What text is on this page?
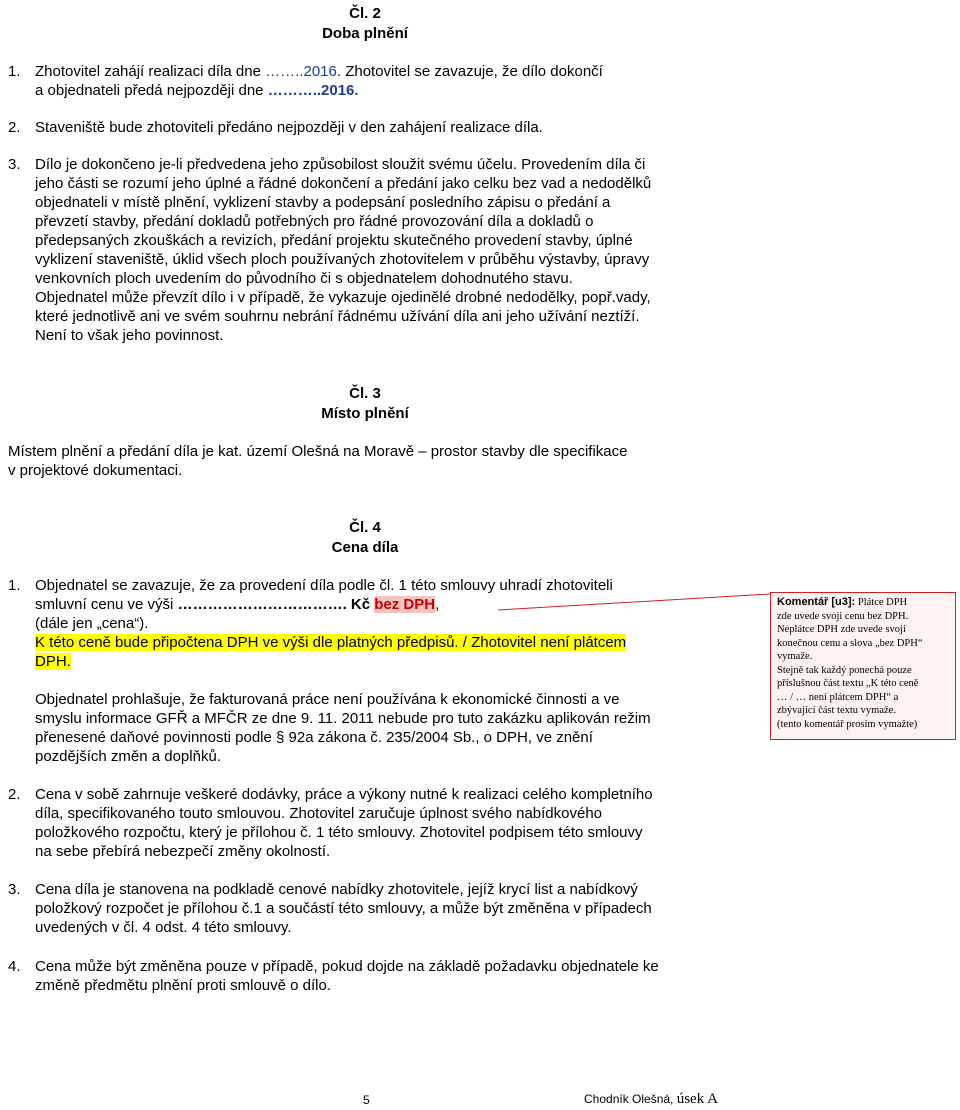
Čl. 2
Doba plnění
1. Zhotovitel zahájí realizaci díla dne ……..2016. Zhotovitel se zavazuje, že dílo dokončí
a objednateli předá nejpozději dne ………..2016.
2. Staveniště bude zhotoviteli předáno nejpozději v den zahájení realizace díla.
3. Dílo je dokončeno je-li předvedena jeho způsobilost sloužit svému účelu. Provedením díla či
jeho části se rozumí jeho úplné a řádné dokončení a předání jako celku bez vad a nedodělků
objednateli v místě plnění, vyklizení stavby a podepsání posledního zápisu o předání a
převzetí stavby, předání dokladů potřebných pro řádné provozování díla a dokladů o
předepsaných zkouškách a revizích, předání projektu skutečného provedení stavby, úplné
vyklizení staveniště, úklid všech ploch používaných zhotovitelem v průběhu výstavby, úpravy
venkovních ploch uvedením do původního či s objednatelem dohodnutého stavu.
Objednatel může převzít dílo i v případě, že vykazuje ojedinělé drobné nedodělky, popř.vady,
které jednotlivě ani ve svém souhrnu nebrání řádnému užívání díla ani jeho užívání neztíží.
Není to však jeho povinnost.
Čl. 3
Místo plnění
Místem plnění a předání díla je kat. území Olešná na Moravě – prostor stavby dle specifikace
v projektové dokumentaci.
Čl. 4
Cena díla
1. Objednatel se zavazuje, že za provedení díla podle čl. 1 této smlouvy uhradí zhotoviteli
smluvní cenu ve výši ……………………………. Kč bez DPH,
(dále jen „cena“).
K této ceně bude připočtena DPH ve výši dle platných předpisů. / Zhotovitel není plátcem
DPH.
Objednatel prohlašuje, že fakturovaná práce není používána k ekonomické činnosti a ve
smyslu informace GFŘ a MFČR ze dne 9. 11. 2011 nebude pro tuto zakázku aplikován režim
přenesené daňové povinnosti podle § 92a zákona č. 235/2004 Sb., o DPH, ve znění
pozdějších změn a doplňků.
2. Cena v sobě zahrnuje veškeré dodávky, práce a výkony nutné k realizaci celého kompletního
díla, specifikovaného touto smlouvou. Zhotovitel zaručuje úplnost svého nabídkového
položkového rozpočtu, který je přílohou č. 1 této smlouvy. Zhotovitel podpisem této smlouvy
na sebe přebírá nebezpečí změny okolností.
3. Cena díla je stanovena na podkladě cenové nabídky zhotovitele, jejíž krycí list a nabídkový
položkový rozpočet je přílohou č.1 a součástí této smlouvy, a může být změněna v případech
uvedených v čl. 4 odst. 4 této smlouvy.
4. Cena může být změněna pouze v případě, pokud dojde na základě požadavku objednatele ke
změně předmětu plnění proti smlouvě o dílo.
Komentář [u3]: Plátce DPH
zde uvede svoji cenu bez DPH.
Neplátce DPH zde uvede svoji
konečnou cenu a slova „bez DPH“
vymaže.
Stejně tak každý ponechá pouze
příslušnou část textu „K této ceně
… / … není plátcem DPH“ a
zbývající část textu vymaže.
(tento komentář prosím vymažte)
5	Chodník Olešná, úsek A
